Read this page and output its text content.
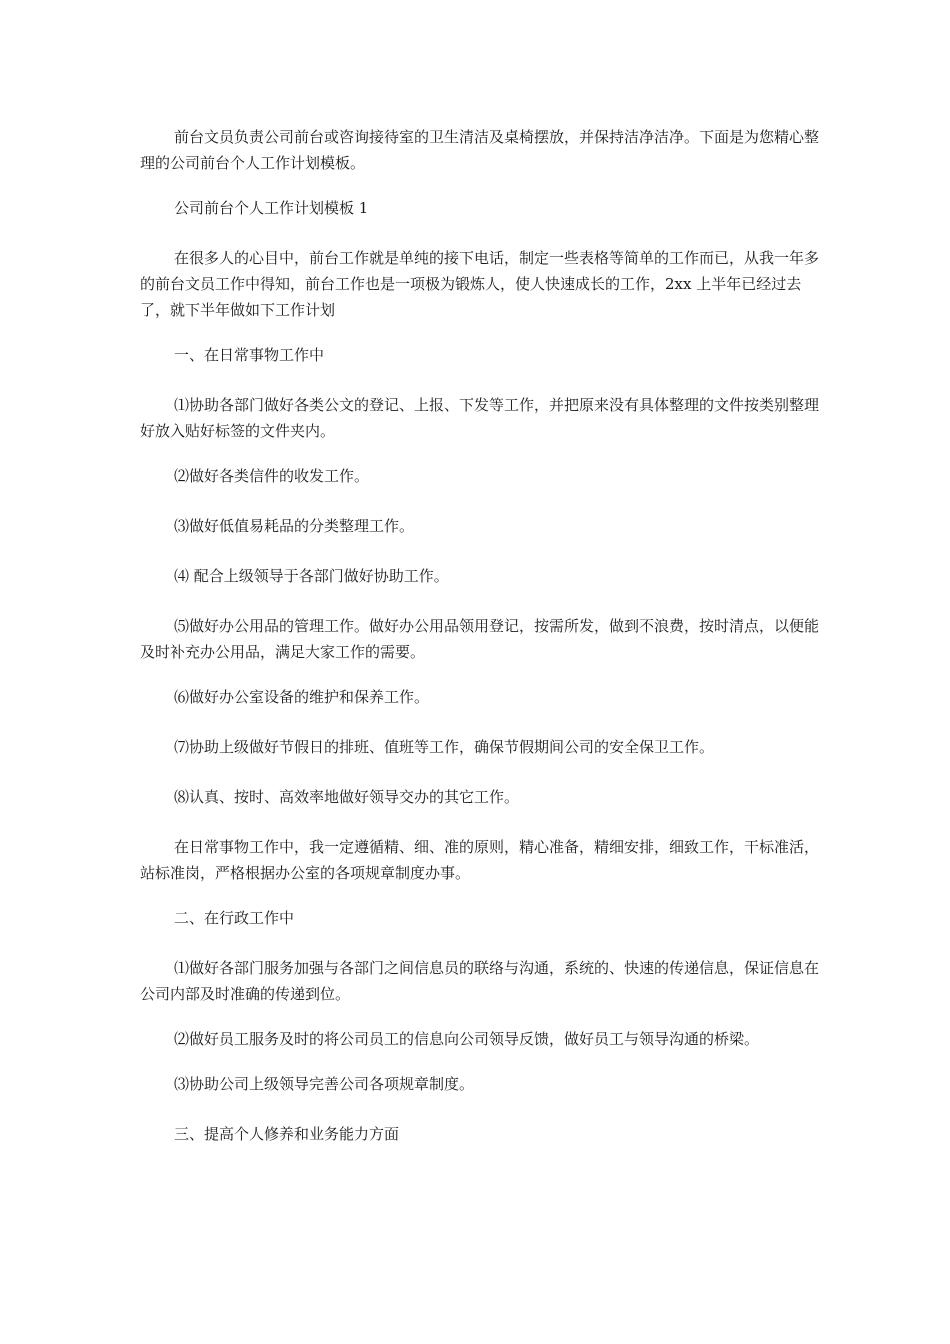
前台文员负责公司前台或咨询接待室的卫生清洁及桌椅摆放，并保持洁净洁净。下面是为您精心整理的公司前台个人工作计划模板。

公司前台个人工作计划模板 1

在很多人的心目中，前台工作就是单纯的接下电话，制定一些表格等简单的工作而已，从我一年多的前台文员工作中得知，前台工作也是一项极为锻炼人，使人快速成长的工作，2xx 上半年已经过去了，就下半年做如下工作计划

一、在日常事物工作中

⑴协助各部门做好各类公文的登记、上报、下发等工作，并把原来没有具体整理的文件按类别整理好放入贴好标签的文件夹内。

⑵做好各类信件的收发工作。

⑶做好低值易耗品的分类整理工作。

⑷ 配合上级领导于各部门做好协助工作。

⑸做好办公用品的管理工作。做好办公用品领用登记，按需所发，做到不浪费，按时清点，以便能及时补充办公用品，满足大家工作的需要。

⑹做好办公室设备的维护和保养工作。

⑺协助上级做好节假日的排班、值班等工作，确保节假期间公司的安全保卫工作。

⑻认真、按时、高效率地做好领导交办的其它工作。

在日常事物工作中，我一定遵循精、细、准的原则，精心准备，精细安排，细致工作，干标准活，站标准岗，严格根据办公室的各项规章制度办事。

二、在行政工作中

⑴做好各部门服务加强与各部门之间信息员的联络与沟通，系统的、快速的传递信息，保证信息在公司内部及时准确的传递到位。

⑵做好员工服务及时的将公司员工的信息向公司领导反馈，做好员工与领导沟通的桥梁。

⑶协助公司上级领导完善公司各项规章制度。

三、提高个人修养和业务能力方面
